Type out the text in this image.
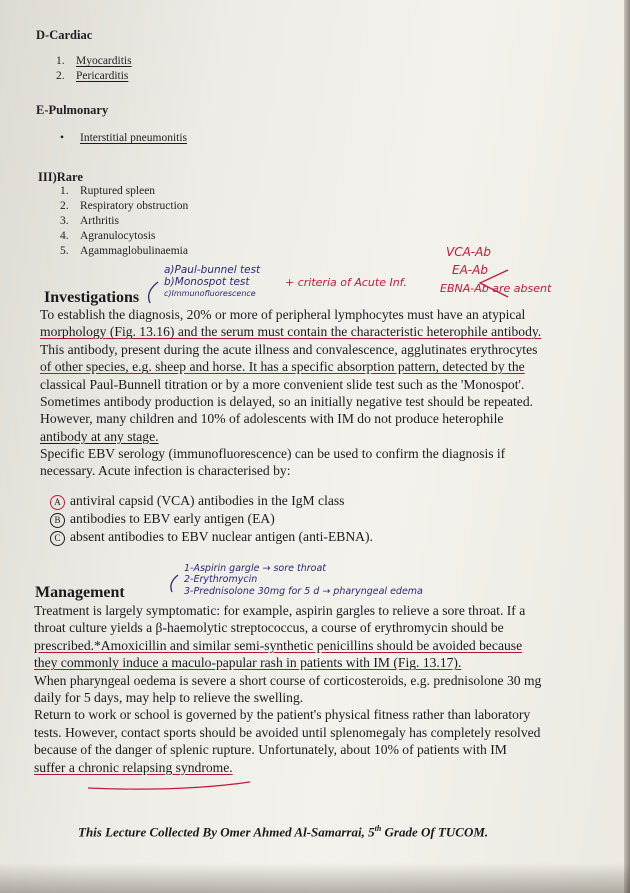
D-Cardiac
1. Myocarditis
2. Pericarditis
E-Pulmonary
• Interstitial pneumonitis
III)Rare
1. Ruptured spleen
2. Respiratory obstruction
3. Arthritis
4. Agranulocytosis
5. Agammaglobulinaemia
a)Paul-bunnel test
b)Monospot test
c)Immunofluorescence
+ criteria of Acute Inf.
VCA-Ab
EA-Ab
EBNA-Ab are absent
Investigations
To establish the diagnosis, 20% or more of peripheral lymphocytes must have an atypical
morphology (Fig. 13.16) and the serum must contain the characteristic heterophile antibody.
This antibody, present during the acute illness and convalescence, agglutinates erythrocytes
of other species, e.g. sheep and horse. It has a specific absorption pattern, detected by the
classical Paul-Bunnell titration or by a more convenient slide test such as the 'Monospot'.
Sometimes antibody production is delayed, so an initially negative test should be repeated.
However, many children and 10% of adolescents with IM do not produce heterophile
antibody at any stage.
Specific EBV serology (immunofluorescence) can be used to confirm the diagnosis if
necessary. Acute infection is characterised by:
A antiviral capsid (VCA) antibodies in the IgM class
B antibodies to EBV early antigen (EA)
C absent antibodies to EBV nuclear antigen (anti-EBNA).
1-Aspirin gargle → sore throat
2-Erythromycin
3-Prednisolone 30mg for 5 d → pharyngeal edema
Management
Treatment is largely symptomatic: for example, aspirin gargles to relieve a sore throat. If a
throat culture yields a β-haemolytic streptococcus, a course of erythromycin should be
prescribed.*Amoxicillin and similar semi-synthetic penicillins should be avoided because
they commonly induce a maculo-papular rash in patients with IM (Fig. 13.17).
When pharyngeal oedema is severe a short course of corticosteroids, e.g. prednisolone 30 mg
daily for 5 days, may help to relieve the swelling.
Return to work or school is governed by the patient's physical fitness rather than laboratory
tests. However, contact sports should be avoided until splenomegaly has completely resolved
because of the danger of splenic rupture. Unfortunately, about 10% of patients with IM
suffer a chronic relapsing syndrome.
This Lecture Collected By Omer Ahmed Al-Samarrai, 5th Grade Of TUCOM.
